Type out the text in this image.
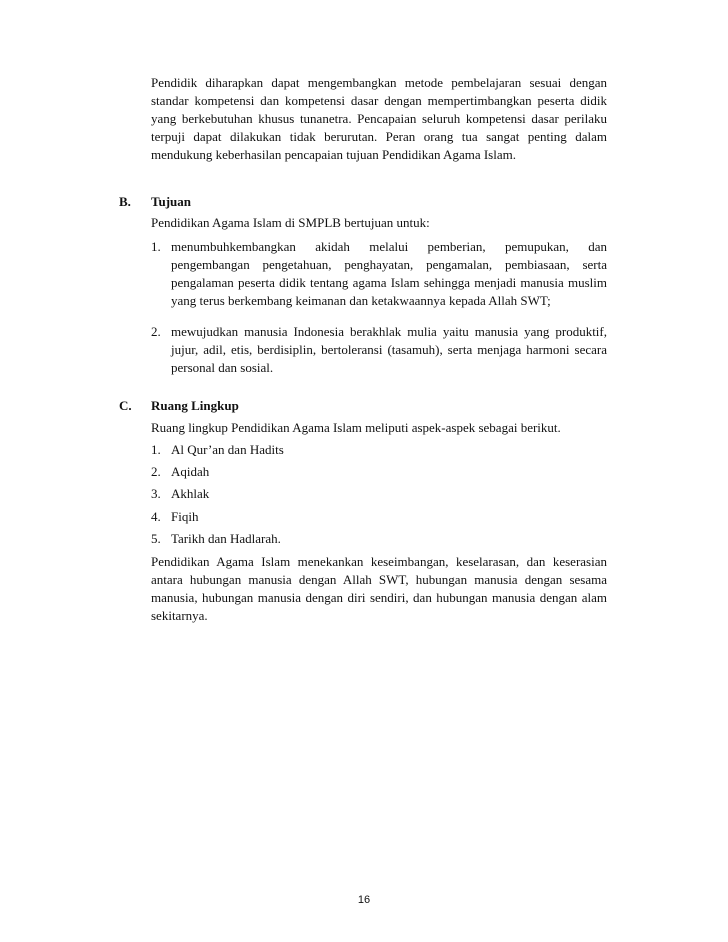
Pendidik diharapkan dapat mengembangkan metode pembelajaran sesuai dengan standar kompetensi dan kompetensi dasar dengan mempertimbangkan peserta didik yang berkebutuhan khusus tunanetra. Pencapaian seluruh kompetensi dasar perilaku terpuji dapat dilakukan tidak berurutan. Peran orang tua sangat penting dalam mendukung keberhasilan pencapaian tujuan Pendidikan Agama Islam.

B. Tujuan

Pendidikan Agama Islam di SMPLB bertujuan untuk:

1. menumbuhkembangkan akidah melalui pemberian, pemupukan, dan pengembangan pengetahuan, penghayatan, pengamalan, pembiasaan, serta pengalaman peserta didik tentang agama Islam sehingga menjadi manusia muslim yang terus berkembang keimanan dan ketakwaannya kepada Allah SWT;
2. mewujudkan manusia Indonesia berakhlak mulia yaitu manusia yang produktif, jujur, adil, etis, berdisiplin, bertoleransi (tasamuh), serta menjaga harmoni secara personal dan sosial.
C. Ruang Lingkup

Ruang lingkup Pendidikan Agama Islam meliputi aspek-aspek sebagai berikut.

1. Al Qur’an dan Hadits
2. Aqidah
3. Akhlak
4. Fiqih
5. Tarikh dan Hadlarah.

Pendidikan Agama Islam menekankan keseimbangan, keselarasan, dan keserasian antara hubungan manusia dengan Allah SWT, hubungan manusia dengan sesama manusia, hubungan manusia dengan diri sendiri, dan hubungan manusia dengan alam sekitarnya.

16
